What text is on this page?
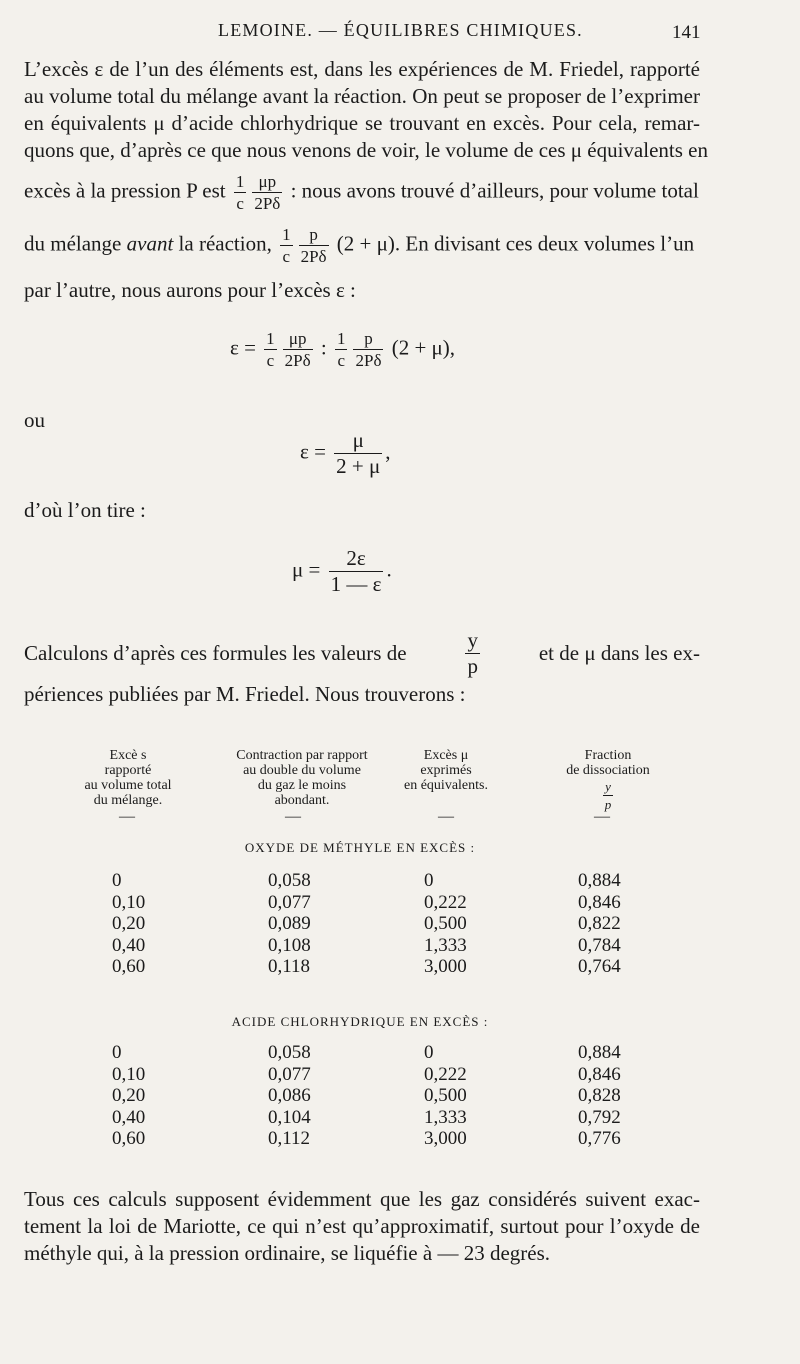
LEMOINE. — ÉQUILIBRES CHIMIQUES.	141
L’excès ε de l’un des éléments est, dans les expériences de M. Friedel, rapporté
au volume total du mélange avant la réaction. On peut se proposer de l’exprimer
en équivalents μ d’acide chlorhydrique se trouvant en excès. Pour cela, remar-
quons que, d’après ce que nous venons de voir, le volume de ces μ équivalents en
excès à la pression P est $\frac{1}{c} \frac{\mu p}{2P\delta}$ : nous avons trouvé d’ailleurs, pour volume total
du mélange avant la réaction, $\frac{1}{c} \frac{p}{2P\delta} (2 + \mu)$. En divisant ces deux volumes l’un
par l’autre, nous aurons pour l’excès ε :
$\varepsilon = \frac{1}{c} \frac{\mu p}{2P\delta}$ : $\frac{1}{c} \frac{p}{2P\delta} (2 + \mu)$,
ou
$\varepsilon = \frac{\mu}{2 + \mu}$ ,
d’où l’on tire :
$\mu = \frac{2\varepsilon}{1 — \varepsilon}$ .
Calculons d’après ces formules les valeurs de	$\frac{y}{p}$	et de μ dans les ex-
périences publiées par M. Friedel. Nous trouverons :
Excè s
rapporté
au volume total
du mélange.
Contraction par rapport
au double du volume
du gaz le moins
abondant.
Excès μ
exprimés
en équivalents.
Fraction
de dissociation
$\frac{y}{p}$
—	—	—	—
OXYDE DE MÉTHYLE EN EXCÈS :
ACIDE CHLORHYDRIQUE EN EXCÈS :
0	0,058	0	0,884
0,10	0,077	0,222	0,846
0,20	0,089	0,500	0,822
0,40	0,108	1,333	0,784
0,60	0,118	3,000	0,764
0	0,058	0	0,884
0,10	0,077	0,222	0,846
0,20	0,086	0,500	0,828
0,40	0,104	1,333	0,792
0,60	0,112	3,000	0,776
Tous ces calculs supposent évidemment que les gaz considérés suivent exac-
tement la loi de Mariotte, ce qui n’est qu’approximatif, surtout pour l’oxyde de
méthyle qui, à la pression ordinaire, se liquéfie à — 23 degrés.
